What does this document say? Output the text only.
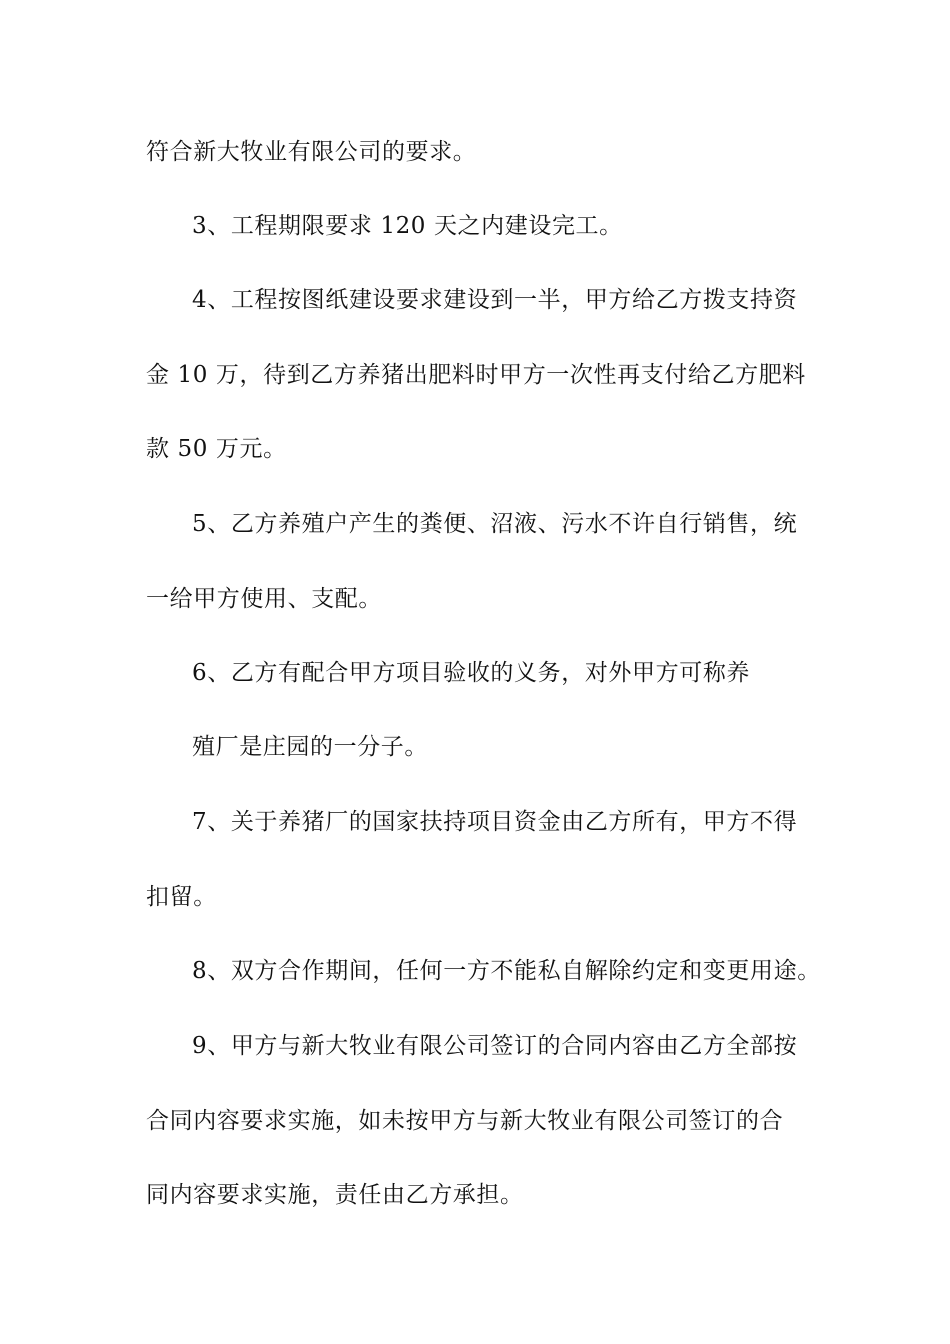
符合新大牧业有限公司的要求。
3、工程期限要求 120 天之内建设完工。
4、工程按图纸建设要求建设到一半，甲方给乙方拨支持资
金 10 万，待到乙方养猪出肥料时甲方一次性再支付给乙方肥料
款 50 万元。
5、乙方养殖户产生的粪便、沼液、污水不许自行销售，统
一给甲方使用、支配。
6、乙方有配合甲方项目验收的义务，对外甲方可称养
殖厂是庄园的一分子。
7、关于养猪厂的国家扶持项目资金由乙方所有，甲方不得
扣留。
8、双方合作期间，任何一方不能私自解除约定和变更用途。
9、甲方与新大牧业有限公司签订的合同内容由乙方全部按
合同内容要求实施，如未按甲方与新大牧业有限公司签订的合
同内容要求实施，责任由乙方承担。
